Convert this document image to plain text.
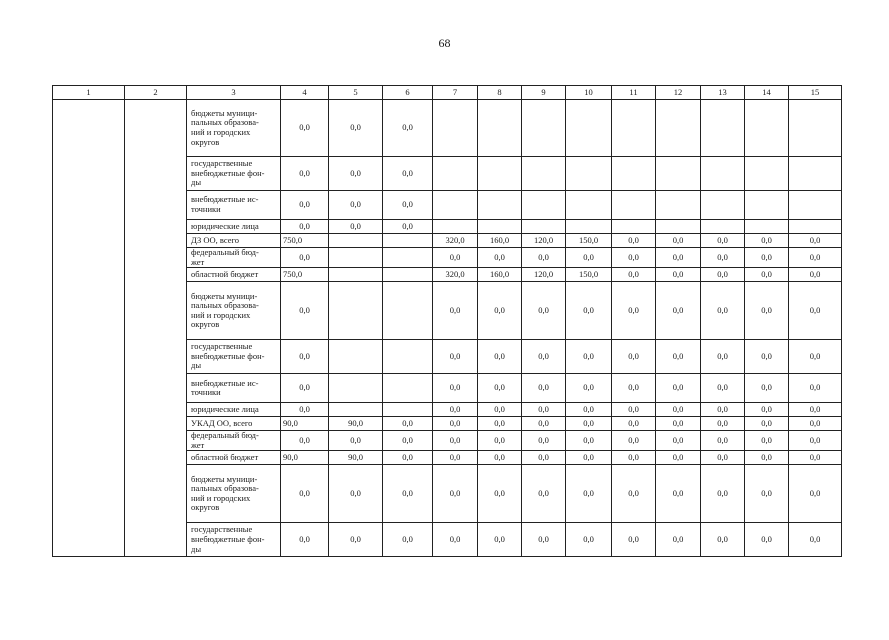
68
1	2	3	4	5	6	7	8	9	10	11	12	13	14	15

		бюджеты муници-
пальных образова-
ний и городских
округов	0,0	0,0	0,0									

		государственные
внебюджетные фон-
ды	0,0	0,0	0,0									

		внебюджетные ис-
точники	0,0	0,0	0,0									

		юридические лица	0,0	0,0	0,0									

		ДЗ ОО, всего	750,0			320,0	160,0	120,0	150,0	0,0	0,0	0,0	0,0	0,0

		федеральный бюд-
жет	0,0			0,0	0,0	0,0	0,0	0,0	0,0	0,0	0,0	0,0

		областной бюджет	750,0			320,0	160,0	120,0	150,0	0,0	0,0	0,0	0,0	0,0

		бюджеты муници-
пальных образова-
ний и городских
округов	0,0			0,0	0,0	0,0	0,0	0,0	0,0	0,0	0,0	0,0

		государственные
внебюджетные фон-
ды	0,0			0,0	0,0	0,0	0,0	0,0	0,0	0,0	0,0	0,0

		внебюджетные ис-
точники	0,0			0,0	0,0	0,0	0,0	0,0	0,0	0,0	0,0	0,0

		юридические лица	0,0			0,0	0,0	0,0	0,0	0,0	0,0	0,0	0,0	0,0

		УКАД ОО, всего	90,0	90,0	0,0	0,0	0,0	0,0	0,0	0,0	0,0	0,0	0,0	0,0

		федеральный бюд-
жет	0,0	0,0	0,0	0,0	0,0	0,0	0,0	0,0	0,0	0,0	0,0	0,0

		областной бюджет	90,0	90,0	0,0	0,0	0,0	0,0	0,0	0,0	0,0	0,0	0,0	0,0

		бюджеты муници-
пальных образова-
ний и городских
округов	0,0	0,0	0,0	0,0	0,0	0,0	0,0	0,0	0,0	0,0	0,0	0,0

		государственные
внебюджетные фон-
ды	0,0	0,0	0,0	0,0	0,0	0,0	0,0	0,0	0,0	0,0	0,0	0,0
